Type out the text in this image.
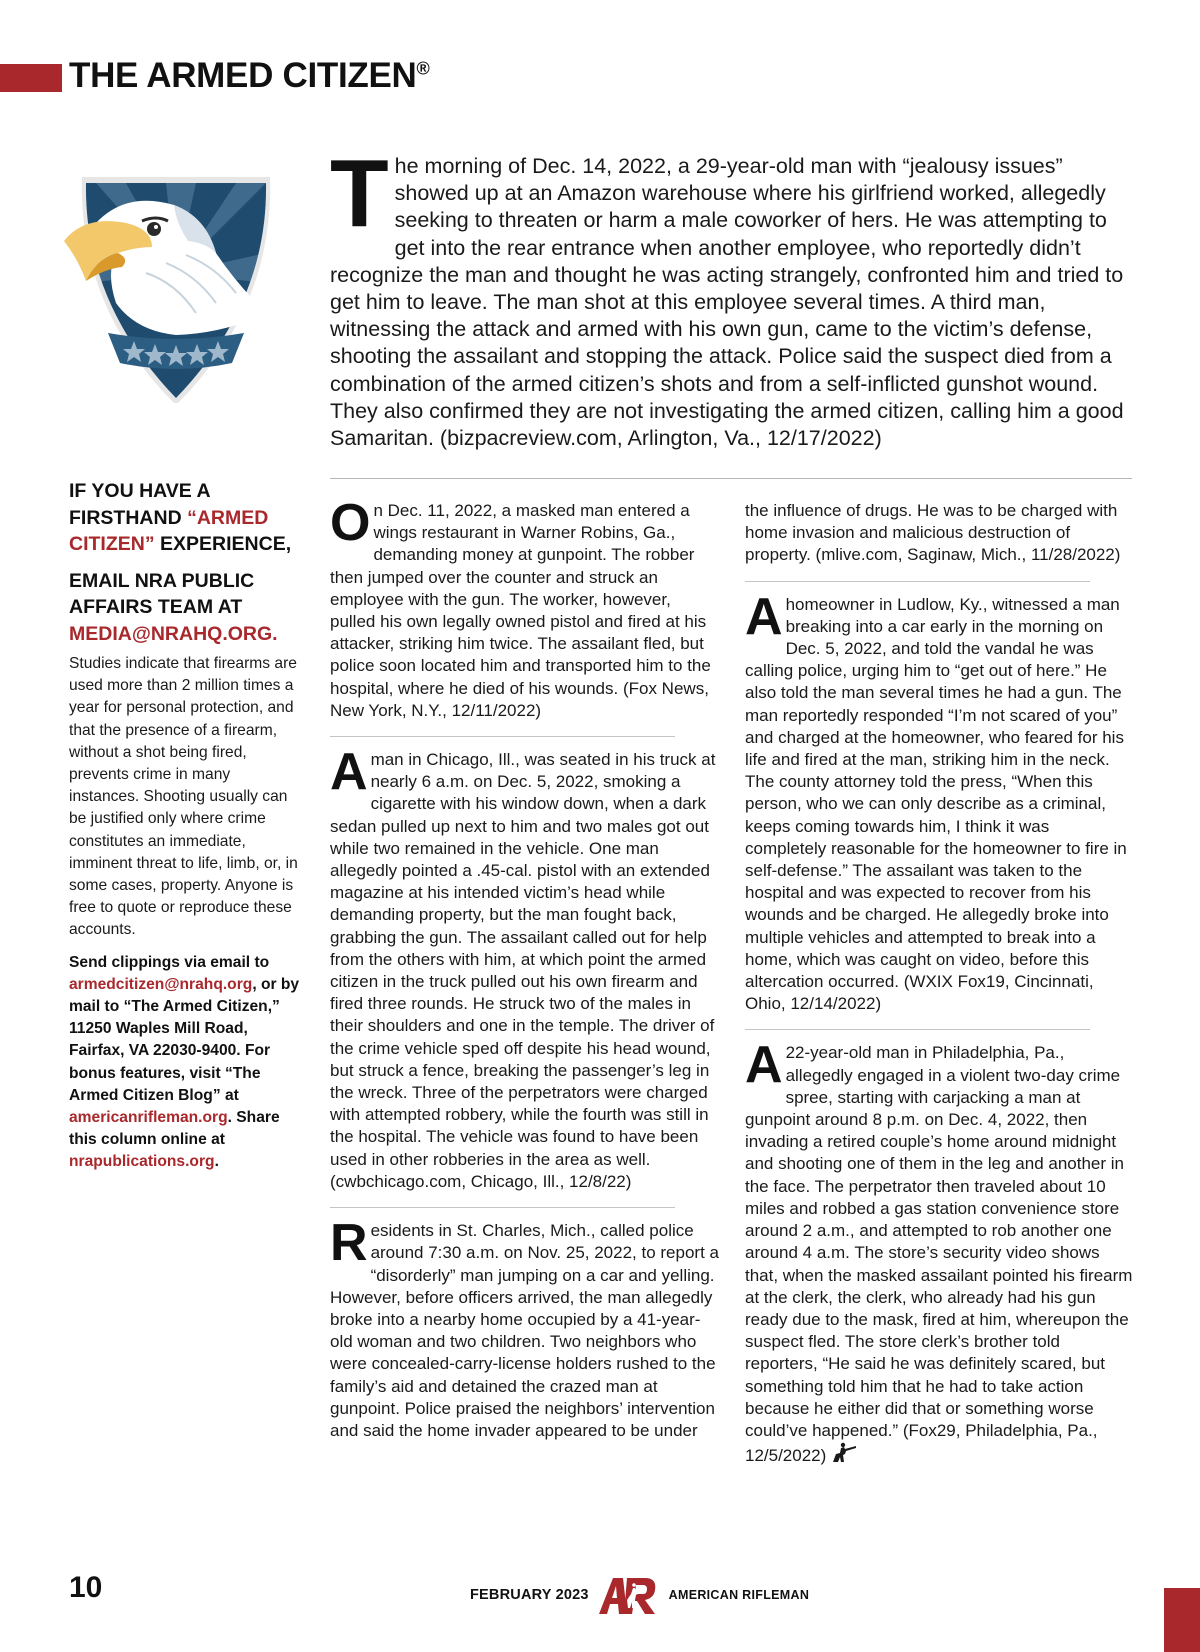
THE ARMED CITIZEN®
The morning of Dec. 14, 2022, a 29-year-old man with “jealousy issues” showed up at an Amazon warehouse where his girlfriend worked, allegedly seeking to threaten or harm a male coworker of hers. He was attempting to get into the rear entrance when another employee, who reportedly didn’t recognize the man and thought he was acting strangely, confronted him and tried to get him to leave. The man shot at this employee several times. A third man, witnessing the attack and armed with his own gun, came to the victim’s defense, shooting the assailant and stopping the attack. Police said the suspect died from a combination of the armed citizen’s shots and from a self-inflicted gunshot wound. They also confirmed they are not investigating the armed citizen, calling him a good Samaritan. (bizpacreview.com, Arlington, Va., 12/17/2022)

IF YOU HAVE A FIRSTHAND “ARMED CITIZEN” EXPERIENCE,

EMAIL NRA PUBLIC AFFAIRS TEAM AT MEDIA@NRAHQ.ORG.

Studies indicate that firearms are used more than 2 million times a year for personal protection, and that the presence of a firearm, without a shot being fired, prevents crime in many instances. Shooting usually can be justified only where crime constitutes an immediate, imminent threat to life, limb, or, in some cases, property. Anyone is free to quote or reproduce these accounts.
Send clippings via email to armedcitizen@nrahq.org, or by mail to “The Armed Citizen,” 11250 Waples Mill Road, Fairfax, VA 22030-9400. For bonus features, visit “The Armed Citizen Blog” at americanrifleman.org. Share this column online at nrapublications.org.
On Dec. 11, 2022, a masked man entered a wings restaurant in Warner Robins, Ga., demanding money at gunpoint. The robber then jumped over the counter and struck an employee with the gun. The worker, however, pulled his own legally owned pistol and fired at his attacker, striking him twice. The assailant fled, but police soon located him and transported him to the hospital, where he died of his wounds. (Fox News, New York, N.Y., 12/11/2022)
A man in Chicago, Ill., was seated in his truck at nearly 6 a.m. on Dec. 5, 2022, smoking a cigarette with his window down, when a dark sedan pulled up next to him and two males got out while two remained in the vehicle. One man allegedly pointed a .45-cal. pistol with an extended magazine at his intended victim’s head while demanding property, but the man fought back, grabbing the gun. The assailant called out for help from the others with him, at which point the armed citizen in the truck pulled out his own firearm and fired three rounds. He struck two of the males in their shoulders and one in the temple. The driver of the crime vehicle sped off despite his head wound, but struck a fence, breaking the passenger’s leg in the wreck. Three of the perpetrators were charged with attempted robbery, while the fourth was still in the hospital. The vehicle was found to have been used in other robberies in the area as well. (cwbchicago.com, Chicago, Ill., 12/8/22)
Residents in St. Charles, Mich., called police around 7:30 a.m. on Nov. 25, 2022, to report a “disorderly” man jumping on a car and yelling. However, before officers arrived, the man allegedly broke into a nearby home occupied by a 41-year-old woman and two children. Two neighbors who were concealed-carry-license holders rushed to the family’s aid and detained the crazed man at gunpoint. Police praised the neighbors’ intervention and said the home invader appeared to be under
the influence of drugs. He was to be charged with home invasion and malicious destruction of property. (mlive.com, Saginaw, Mich., 11/28/2022)
A homeowner in Ludlow, Ky., witnessed a man breaking into a car early in the morning on Dec. 5, 2022, and told the vandal he was calling police, urging him to “get out of here.” He also told the man several times he had a gun. The man reportedly responded “I’m not scared of you” and charged at the homeowner, who feared for his life and fired at the man, striking him in the neck. The county attorney told the press, “When this person, who we can only describe as a criminal, keeps coming towards him, I think it was completely reasonable for the homeowner to fire in self-defense.” The assailant was taken to the hospital and was expected to recover from his wounds and be charged. He allegedly broke into multiple vehicles and attempted to break into a home, which was caught on video, before this altercation occurred. (WXIX Fox19, Cincinnati, Ohio, 12/14/2022)
A 22-year-old man in Philadelphia, Pa., allegedly engaged in a violent two-day crime spree, starting with carjacking a man at gunpoint around 8 p.m. on Dec. 4, 2022, then invading a retired couple’s home around midnight and shooting one of them in the leg and another in the face. The perpetrator then traveled about 10 miles and robbed a gas station convenience store around 2 a.m., and attempted to rob another one around 4 a.m. The store’s security video shows that, when the masked assailant pointed his firearm at the clerk, the clerk, who already had his gun ready due to the mask, fired at him, whereupon the suspect fled. The store clerk’s brother told reporters, “He said he was definitely scared, but something told him that he had to take action because he either did that or something worse could’ve happened.” (Fox29, Philadelphia, Pa., 12/5/2022)
10	FEBRUARY 2023	AMERICAN RIFLEMAN
